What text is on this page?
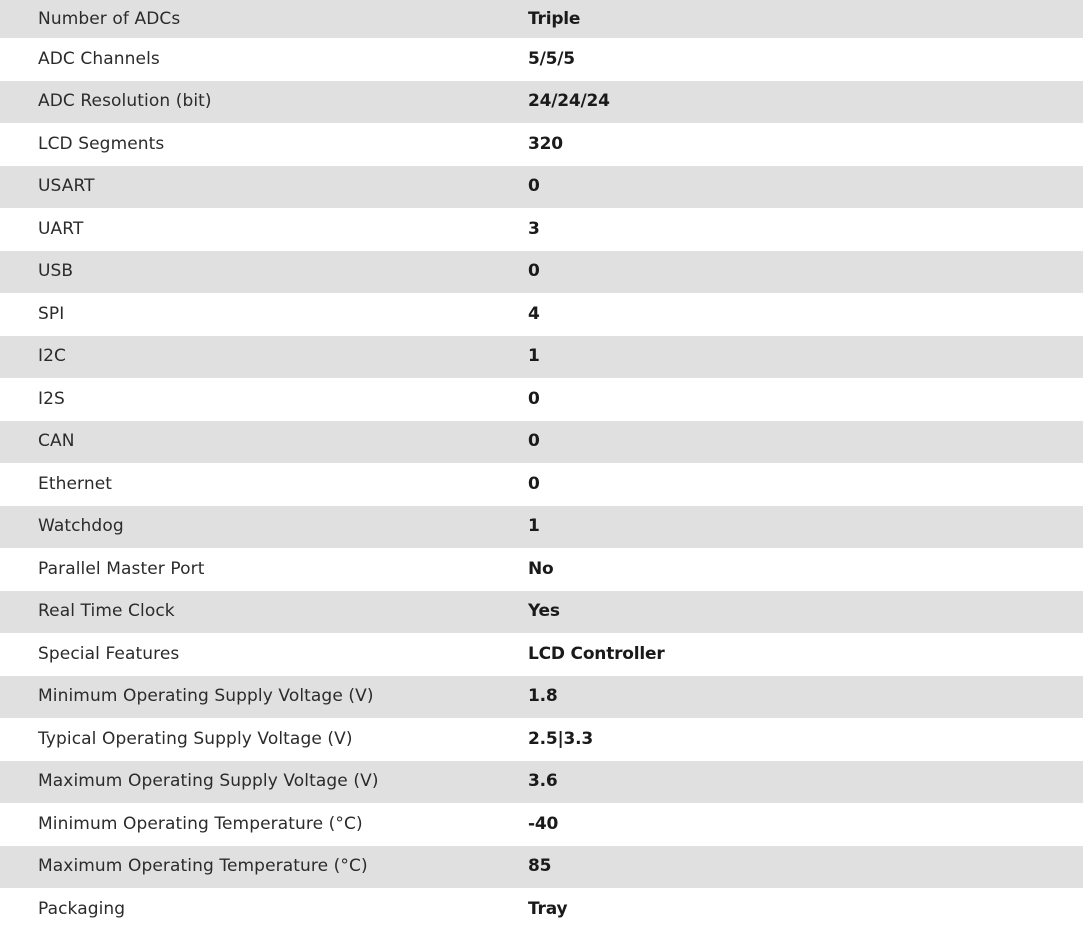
Number of ADCs	Triple
ADC Channels	5/5/5
ADC Resolution (bit)	24/24/24
LCD Segments	320
USART	0
UART	3
USB	0
SPI	4
I2C	1
I2S	0
CAN	0
Ethernet	0
Watchdog	1
Parallel Master Port	No
Real Time Clock	Yes
Special Features	LCD Controller
Minimum Operating Supply Voltage (V)	1.8
Typical Operating Supply Voltage (V)	2.5|3.3
Maximum Operating Supply Voltage (V)	3.6
Minimum Operating Temperature (°C)	-40
Maximum Operating Temperature (°C)	85
Packaging	Tray
